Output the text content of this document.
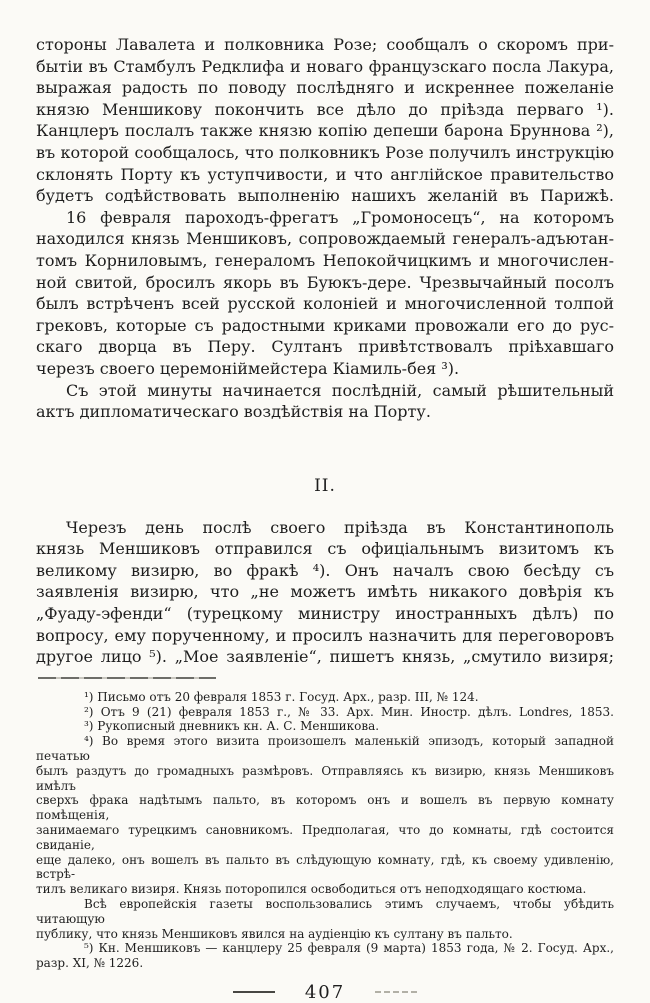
стороны Лавалета и полковника Розе; сообщалъ о скоромъ при-
бытіи въ Стамбулъ Редклифа и новаго французскаго посла Лакура,
выражая радость по поводу послѣдняго и искреннее пожеланіе
князю Меншикову покончить все дѣло до пріѣзда перваго ¹).
Канцлеръ послалъ также князю копію депеши барона Бруннова ²),
въ которой сообщалось, что полковникъ Розе получилъ инструкцію
склонять Порту къ уступчивости, и что англійское правительство
будетъ содѣйствовать выполненію нашихъ желаній въ Парижѣ.
16 февраля пароходъ-фрегатъ „Громоносецъ“, на которомъ
находился князь Меншиковъ, сопровождаемый генералъ-адъютан-
томъ Корниловымъ, генераломъ Непокойчицкимъ и многочислен-
ной свитой, бросилъ якорь въ Буюкъ-дере. Чрезвычайный посолъ
былъ встрѣченъ всей русской колоніей и многочисленной толпой
грековъ, которые съ радостными криками провожали его до рус-
скаго дворца въ Перу. Султанъ привѣтствовалъ пріѣхавшаго
черезъ своего церемоніймейстера Кіамиль-бея ³).
Съ этой минуты начинается послѣдній, самый рѣшительный
актъ дипломатическаго воздѣйствія на Порту.
II.
Черезъ день послѣ своего пріѣзда въ Константинополь
князь Меншиковъ отправился съ офиціальнымъ визитомъ къ
великому визирю, во фракѣ ⁴). Онъ началъ свою бесѣду съ
заявленія визирю, что „не можетъ имѣть никакого довѣрія къ
„Фуаду-эфенди“ (турецкому министру иностранныхъ дѣлъ) по
вопросу, ему порученному, и просилъ назначить для переговоровъ
другое лицо ⁵). „Мое заявленіе“, пишетъ князь, „смутило визиря;
¹) Письмо отъ 20 февраля 1853 г. Госуд. Арх., разр. III, № 124.
²) Отъ 9 (21) февраля 1853 г., № 33. Арх. Мин. Иностр. дѣлъ. Londres, 1853.
³) Рукописный дневникъ кн. А. С. Меншикова.
⁴) Во время этого визита произошелъ маленькій эпизодъ, который западной печатью
былъ раздутъ до громадныхъ размѣровъ. Отправляясь къ визирю, князь Меншиковъ имѣлъ
сверхъ фрака надѣтымъ пальто, въ которомъ онъ и вошелъ въ первую комнату помѣщенія,
занимаемаго турецкимъ сановникомъ. Предполагая, что до комнаты, гдѣ состоится свиданіе,
еще далеко, онъ вошелъ въ пальто въ слѣдующую комнату, гдѣ, къ своему удивленію, встрѣ-
тилъ великаго визиря. Князь поторопился освободиться отъ неподходящаго костюма.
Всѣ европейскія газеты воспользовались этимъ случаемъ, чтобы убѣдить читающую
публику, что князь Меншиковъ явился на аудіенцію къ султану въ пальто.
⁵) Кн. Меншиковъ — канцлеру 25 февраля (9 марта) 1853 года, № 2. Госуд. Арх.,
разр. XI, № 1226.
407
